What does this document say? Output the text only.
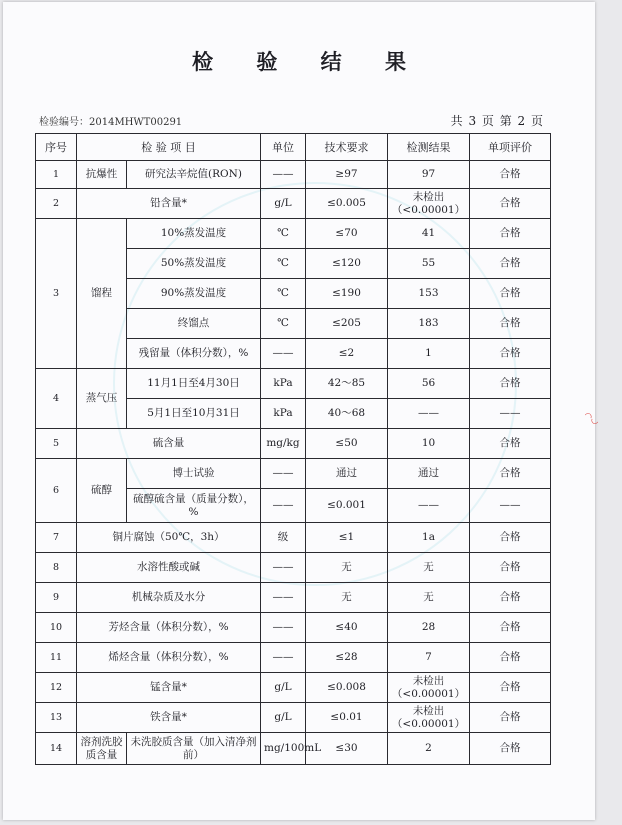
检 验 结 果
检验编号：2014MHWT00291	共 3 页 第 2 页
◠◡
序号	检 验 项 目		单位	技术要求	检测结果	单项评价
1	抗爆性	研究法辛烷值(RON)	——	≥97	97	合格
2	铅含量*		g/L	≤0.005	未检出（<0.00001）	合格
3	馏程	10%蒸发温度	℃	≤70	41	合格
		50%蒸发温度	℃	≤120	55	合格
		90%蒸发温度	℃	≤190	153	合格
		终馏点	℃	≤205	183	合格
		残留量（体积分数），%	——	≤2	1	合格
4	蒸气压	11月1日至4月30日	kPa	42～85	56	合格
		5月1日至10月31日	kPa	40～68	——	——
5	硫含量		mg/kg	≤50	10	合格
6	硫醇	博士试验	——	通过	通过	合格
		硫醇硫含量（质量分数），%	——	≤0.001	——	——
7	铜片腐蚀（50℃，3h）		级	≤1	1a	合格
8	水溶性酸或碱		——	无	无	合格
9	机械杂质及水分		——	无	无	合格
10	芳烃含量（体积分数），%		——	≤40	28	合格
11	烯烃含量（体积分数），%		——	≤28	7	合格
12	锰含量*		g/L	≤0.008	未检出（<0.00001）	合格
13	铁含量*		g/L	≤0.01	未检出（<0.00001）	合格
14	溶剂洗胶质含量	未洗胶质含量（加入清净剂前）	mg/100mL	≤30	2	合格
